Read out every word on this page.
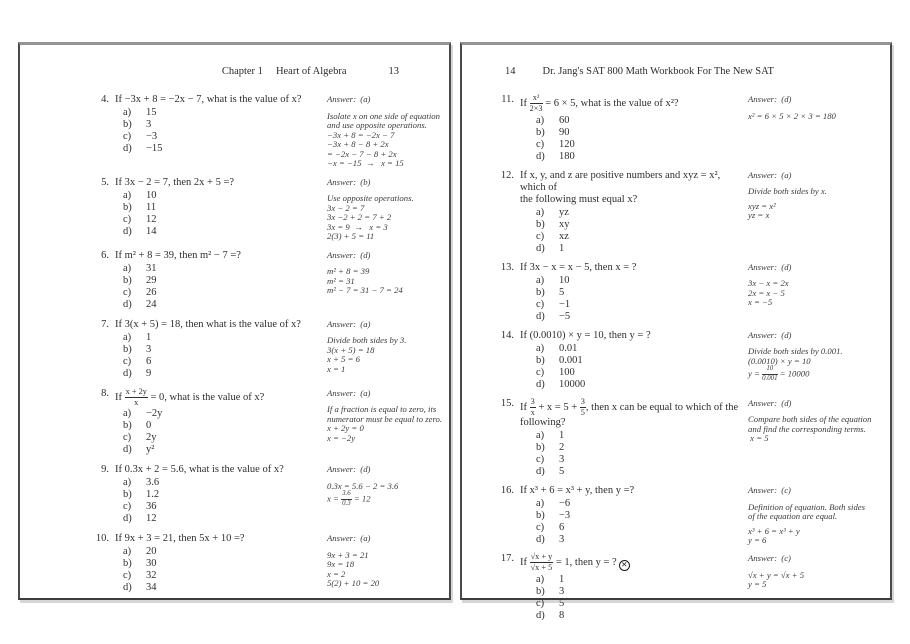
Chapter 1 Heart of Algebra	13
4. If −3x + 8 = −2x − 7, what is the value of x?
a)	15
b)	3
c)	−3
d)	−15
Answer:  (a)
Isolate x on one side of equation
and use opposite operations.
−3x + 8 = −2x − 7
−3x + 8 − 8 + 2x
= −2x − 7 − 8 + 2x
−x = −15  →   x = 15
5. If 3x − 2 = 7, then 2x + 5 =?
a)	10
b)	11
c)	12
d)	14
Answer:  (b)
Use opposite operations.
3x − 2 = 7
3x −2 + 2 = 7 + 2
3x = 9  →   x = 3
2(3) + 5 = 11
6. If m² + 8 = 39, then m² − 7 =?
a)	31
b)	29
c)	26
d)	24
Answer:  (d)
m² + 8 = 39
m² = 31
m² − 7 = 31 − 7 = 24
7. If 3(x + 5) = 18, then what is the value of x?
a)	1
b)	3
c)	6
d)	9
Answer:  (a)
Divide both sides by 3.
3(x + 5) = 18
x + 5 = 6
x = 1
8. If $\frac{x + 2y}{x} = 0$, what is the value of x?
a)	−2y
b)	0
c)	2y
d)	y²
Answer:  (a)
If a fraction is equal to zero, its
numerator must be equal to zero.
x + 2y = 0
x = −2y
9. If 0.3x + 2 = 5.6, what is the value of x?
a)	3.6
b)	1.2
c)	36
d)	12
Answer:  (d)
0.3x = 5.6 − 2 = 3.6
$x = \frac{3.6}{0.3} = 12$
10. If 9x + 3 = 21, then 5x + 10 =?
a)	20
b)	30
c)	32
d)	34
Answer:  (a)
9x + 3 = 21
9x = 18
x = 2
5(2) + 10 = 20
14	Dr. Jang's SAT 800 Math Workbook For The New SAT
11. If $\frac{\text{x²}}{2\times 3} = 6 \times 5$, what is the value of x²?
a)	60
b)	90
c)	120
d)	180
Answer:  (d)
x² = 6 × 5 × 2 × 3 = 180
12. If x, y, and z are positive numbers and xyz = x², which of
the following must equal x?
a)	yz
b)	xy
c)	xz
d)	1
Answer:  (a)
Divide both sides by x.
xyz = x²
yz = x
13. If 3x − x = x − 5, then x = ?
a)	10
b)	5
c)	−1
d)	−5
Answer:  (d)
3x − x = 2x
2x = x − 5
x = −5
14. If (0.0010) × y = 10, then y = ?
a)	0.01
b)	0.001
c)	100
d)	10000
Answer:  (d)
Divide both sides by 0.001.
(0.0010) × y = 10
$y = \frac{10}{0.001} = 10000$
15. If $\frac{3}{x} + x = 5 + \frac{3}{5}$ , then x can be equal to which of the
following?
a)	1
b)	2
c)	3
d)	5
Answer:  (d)
Compare both sides of the equation
and find the corresponding terms.
x = 5
16. If x³ + 6 = x³ + y, then y =?
a)	−6
b)	−3
c)	6
d)	3
Answer:  (c)
Definition of equation. Both sides
of the equation are equal.
x³ + 6 = x³ + y
y = 6
17. If $\frac{√x + y}{√x + 5} = 1$, then y = ? ✕
a)	1
b)	3
c)	5
d)	8
Answer:  (c)
√x + y = √x + 5
y = 5
